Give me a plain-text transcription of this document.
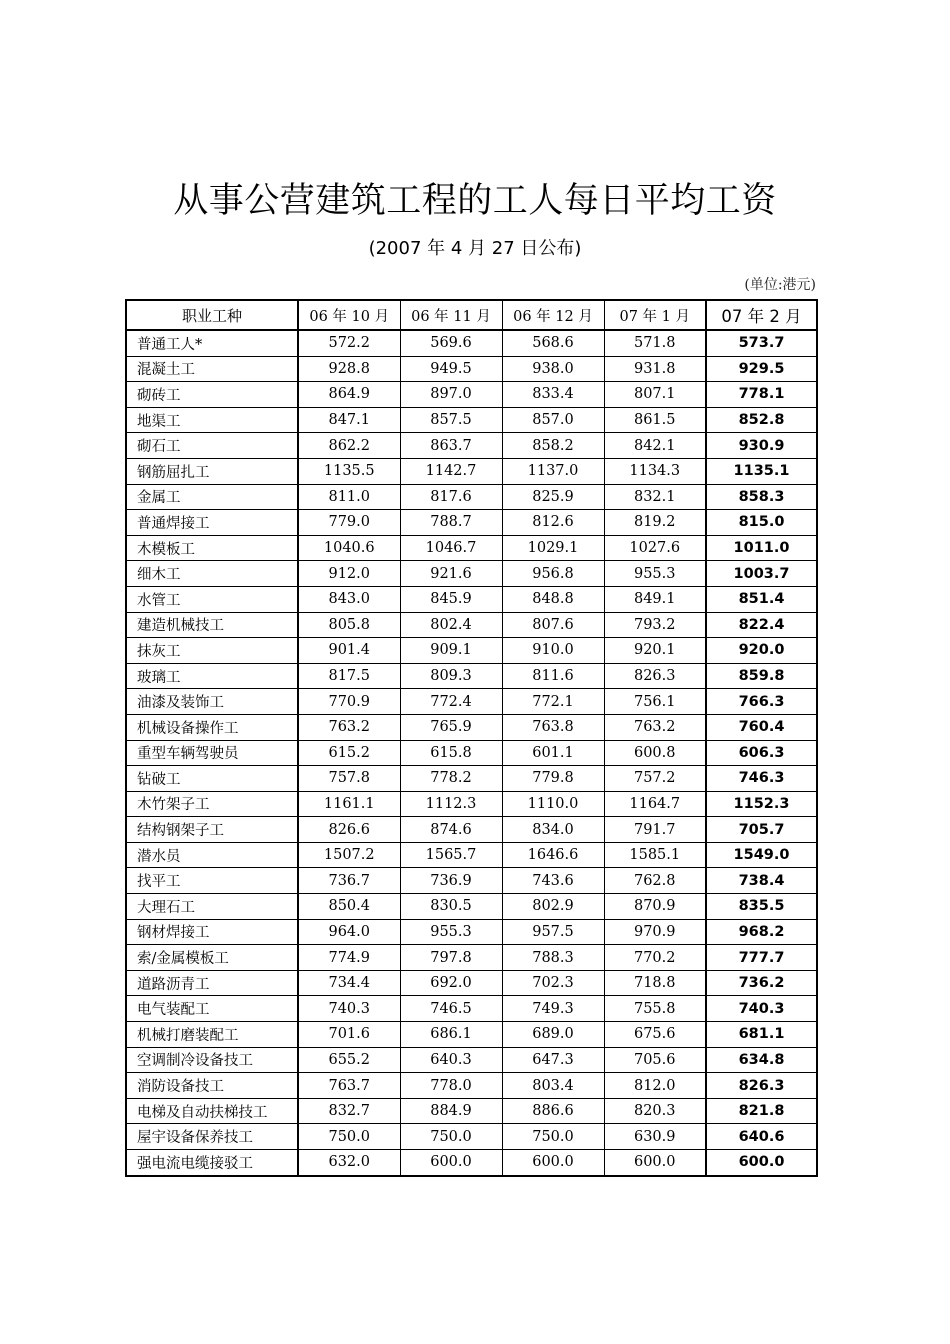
从事公营建筑工程的工人每日平均工资
(2007 年 4 月 27 日公布)
(单位:港元)
职业工种	06 年 10 月	06 年 11 月	06 年 12 月	07 年 1 月	07 年 2 月
普通工人*	572.2	569.6	568.6	571.8	573.7
混凝土工	928.8	949.5	938.0	931.8	929.5
砌砖工	864.9	897.0	833.4	807.1	778.1
地渠工	847.1	857.5	857.0	861.5	852.8
砌石工	862.2	863.7	858.2	842.1	930.9
钢筋屈扎工	1135.5	1142.7	1137.0	1134.3	1135.1
金属工	811.0	817.6	825.9	832.1	858.3
普通焊接工	779.0	788.7	812.6	819.2	815.0
木模板工	1040.6	1046.7	1029.1	1027.6	1011.0
细木工	912.0	921.6	956.8	955.3	1003.7
水管工	843.0	845.9	848.8	849.1	851.4
建造机械技工	805.8	802.4	807.6	793.2	822.4
抹灰工	901.4	909.1	910.0	920.1	920.0
玻璃工	817.5	809.3	811.6	826.3	859.8
油漆及装饰工	770.9	772.4	772.1	756.1	766.3
机械设备操作工	763.2	765.9	763.8	763.2	760.4
重型车辆驾驶员	615.2	615.8	601.1	600.8	606.3
钻破工	757.8	778.2	779.8	757.2	746.3
木竹架子工	1161.1	1112.3	1110.0	1164.7	1152.3
结构钢架子工	826.6	874.6	834.0	791.7	705.7
潜水员	1507.2	1565.7	1646.6	1585.1	1549.0
找平工	736.7	736.9	743.6	762.8	738.4
大理石工	850.4	830.5	802.9	870.9	835.5
钢材焊接工	964.0	955.3	957.5	970.9	968.2
索/金属模板工	774.9	797.8	788.3	770.2	777.7
道路沥青工	734.4	692.0	702.3	718.8	736.2
电气装配工	740.3	746.5	749.3	755.8	740.3
机械打磨装配工	701.6	686.1	689.0	675.6	681.1
空调制冷设备技工	655.2	640.3	647.3	705.6	634.8
消防设备技工	763.7	778.0	803.4	812.0	826.3
电梯及自动扶梯技工	832.7	884.9	886.6	820.3	821.8
屋宇设备保养技工	750.0	750.0	750.0	630.9	640.6
强电流电缆接驳工	632.0	600.0	600.0	600.0	600.0
